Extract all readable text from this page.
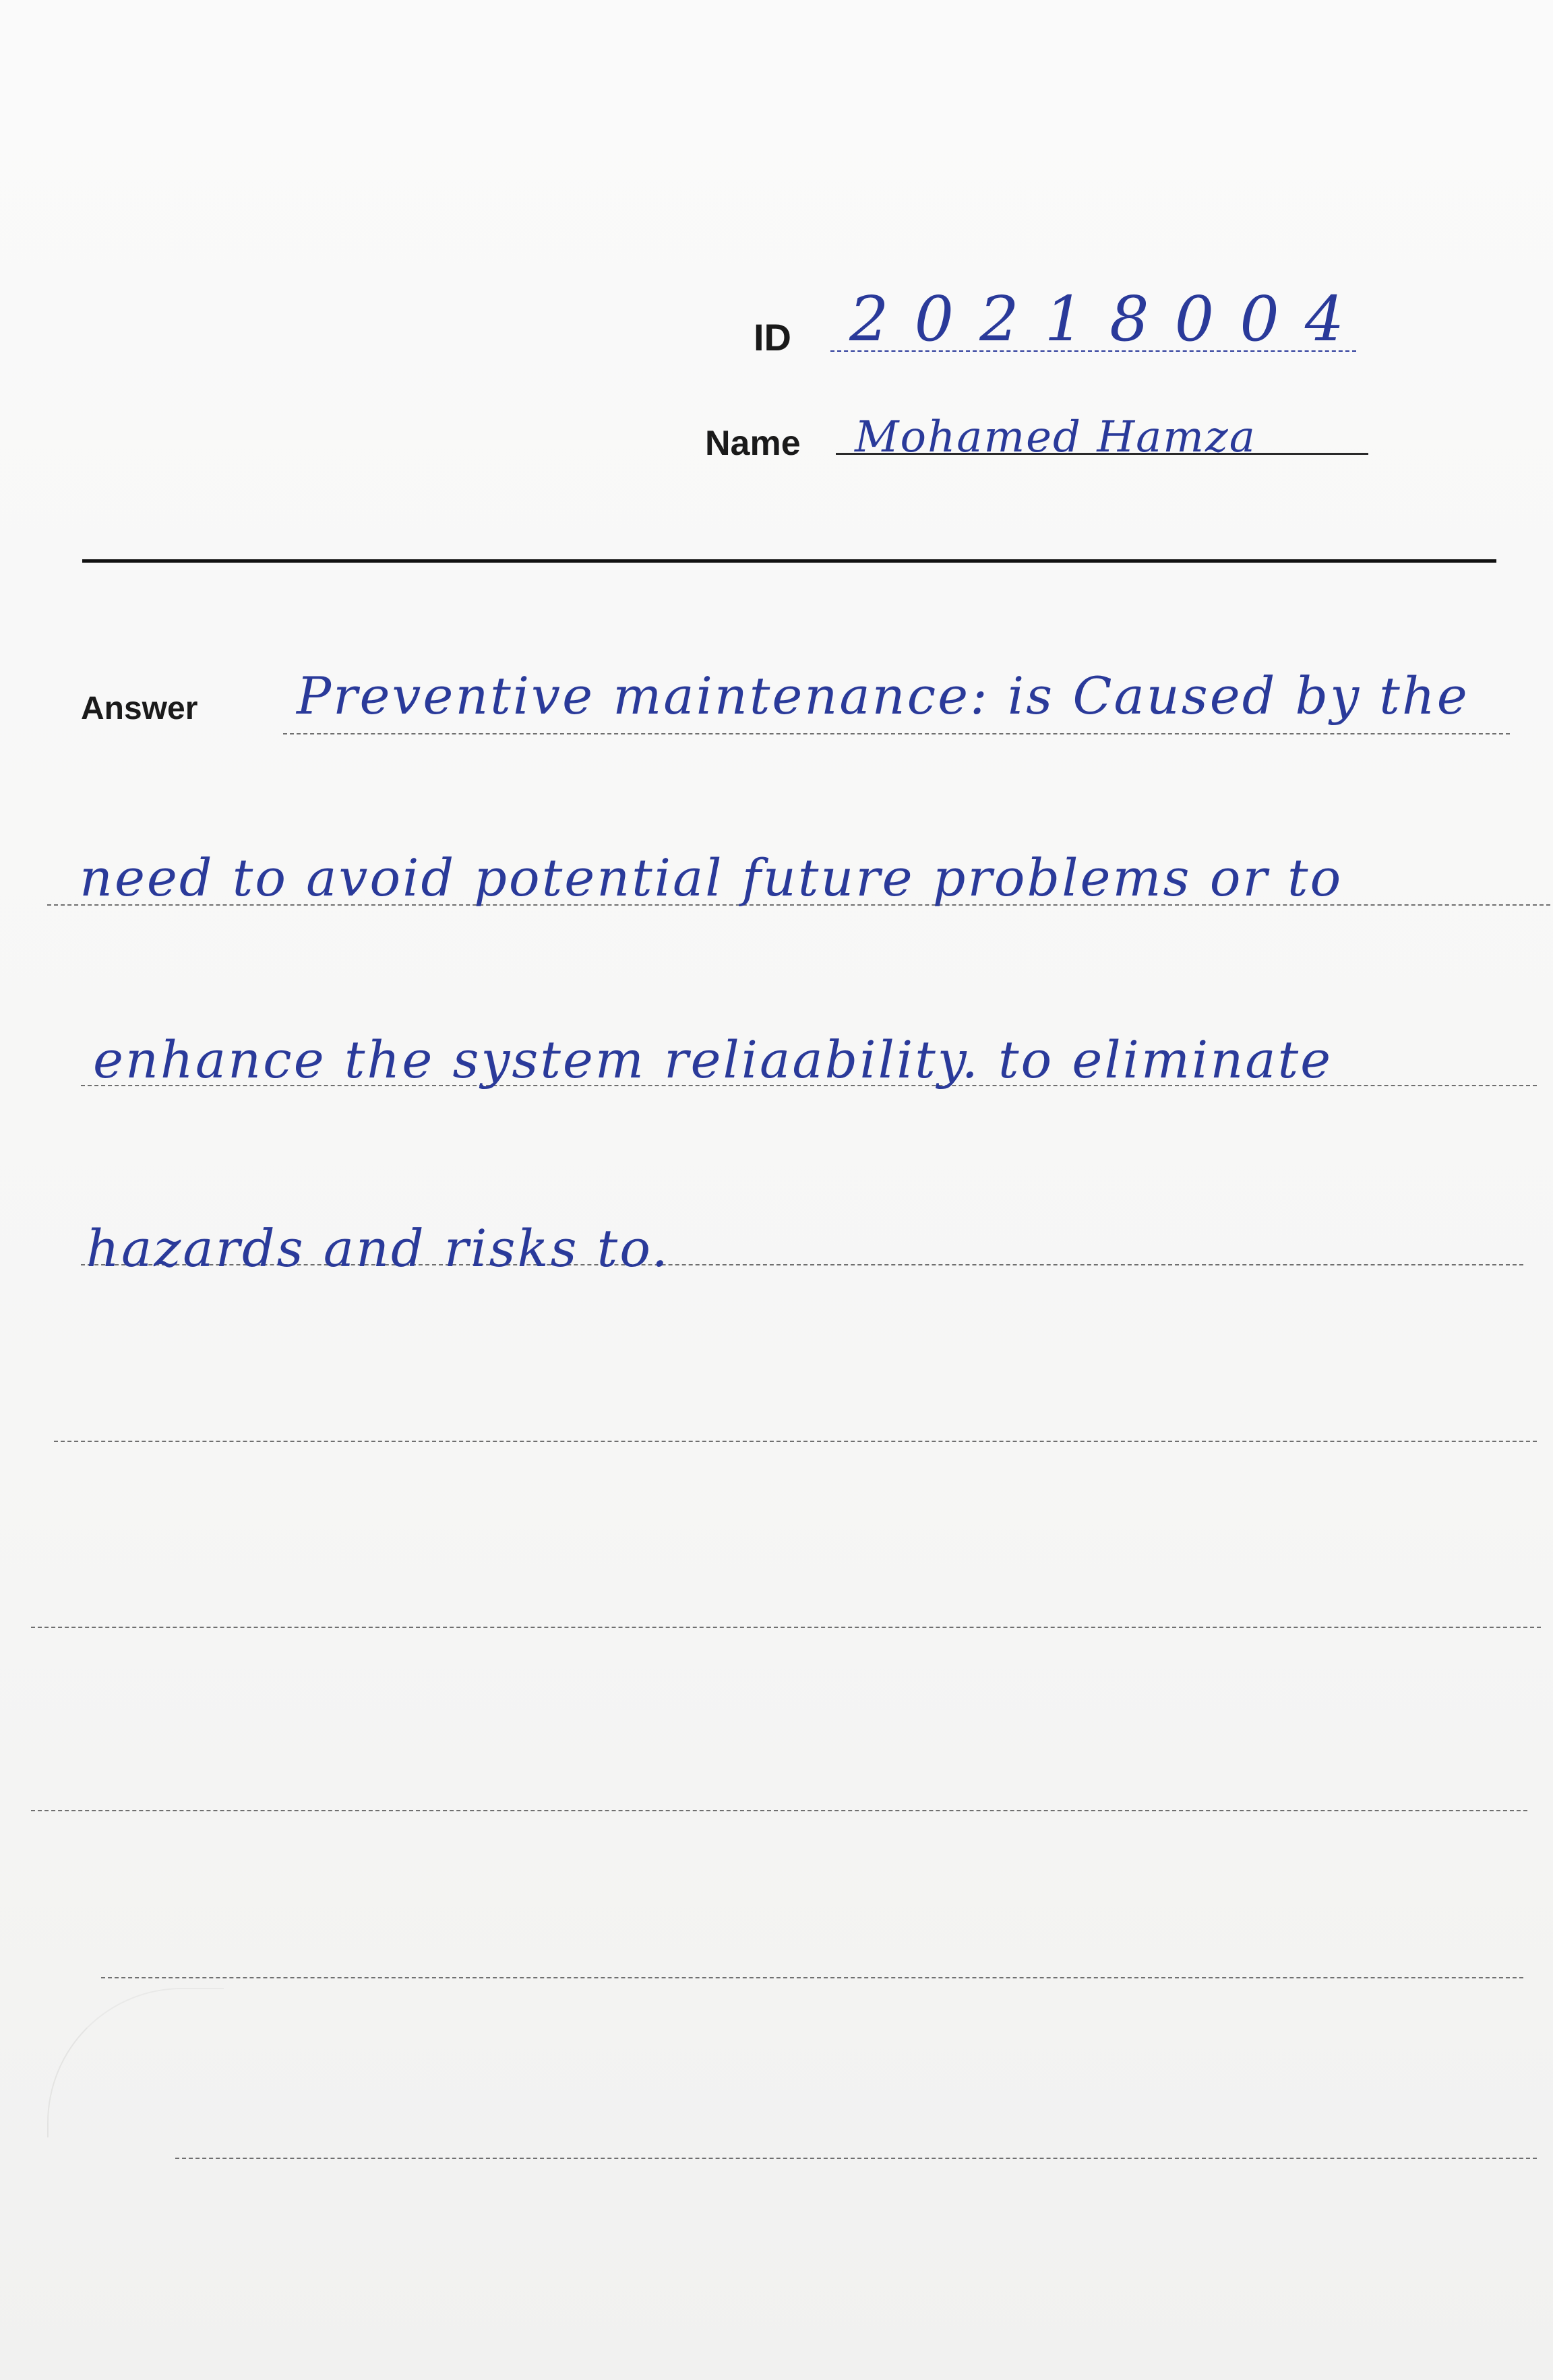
ID 20218004
Name Mohamed Hamza
Answer Preventive maintenance: is Caused by the
need to avoid potential future problems or to
enhance the system reliaability. to eliminate
hazards and risks to.
